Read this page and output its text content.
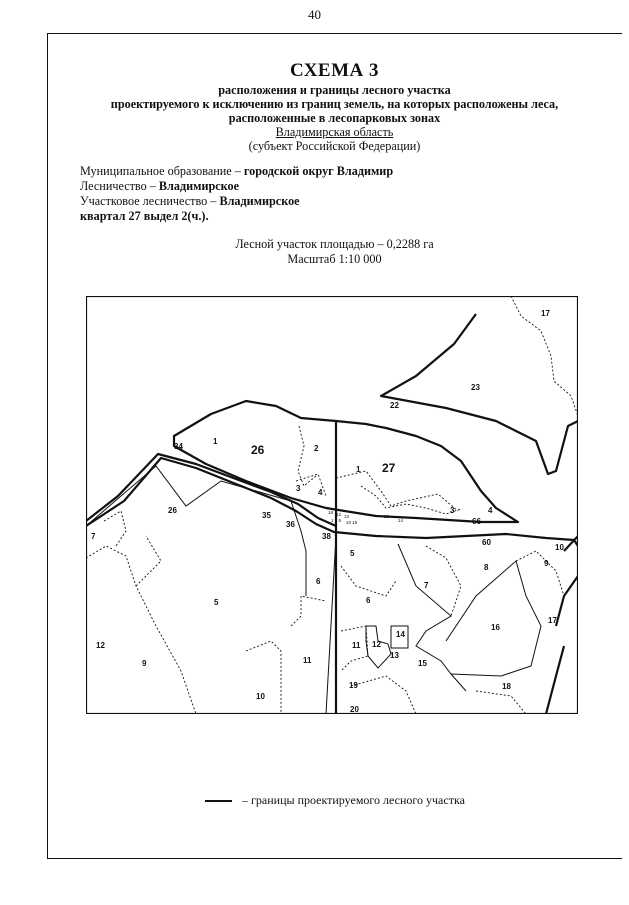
40
СХЕМА 3
расположения и границы лесного участка
проектируемого к исключению из границ земель, на которых расположены леса,
расположенные в лесопарковых зонах
Владимирская область
(субъект Российской Федерации)
Муниципальное образование – городской округ Владимир
Лесничество – Владимирское
Участковое лесничество – Владимирское
квартал 27 выдел 2(ч.).
Лесной участок площадью – 0,2288 га
Масштаб 1:10 000
18 12 13
1 3 5 10 15
13
14
26
27
34
35
36
38
60
66
10
17
23
22
1
2
3 4
1
3	4
26
7
5
6
12
9	11
10
5
6
7
8	9
16
17
14
11 12
13
15
19	18
20
– границы проектируемого лесного участка
